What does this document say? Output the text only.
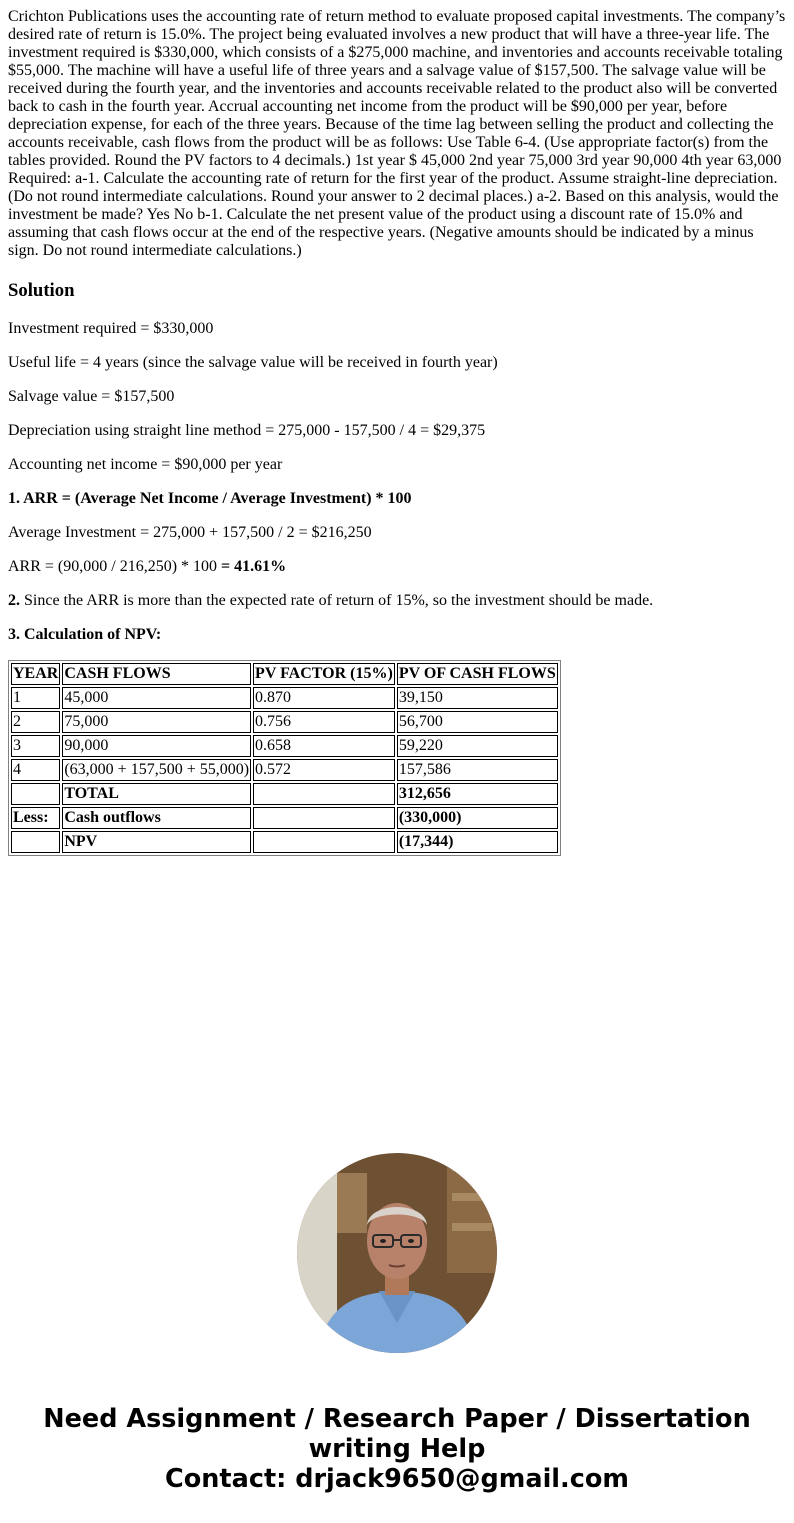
Crichton Publications uses the accounting rate of return method to evaluate proposed capital investments. The company’s desired rate of return is 15.0%. The project being evaluated involves a new product that will have a three-year life. The investment required is $330,000, which consists of a $275,000 machine, and inventories and accounts receivable totaling $55,000. The machine will have a useful life of three years and a salvage value of $157,500. The salvage value will be received during the fourth year, and the inventories and accounts receivable related to the product also will be converted back to cash in the fourth year. Accrual accounting net income from the product will be $90,000 per year, before depreciation expense, for each of the three years. Because of the time lag between selling the product and collecting the accounts receivable, cash flows from the product will be as follows: Use Table 6-4. (Use appropriate factor(s) from the tables provided. Round the PV factors to 4 decimals.) 1st year $ 45,000 2nd year 75,000 3rd year 90,000 4th year 63,000 Required: a-1. Calculate the accounting rate of return for the first year of the product. Assume straight-line depreciation. (Do not round intermediate calculations. Round your answer to 2 decimal places.) a-2. Based on this analysis, would the investment be made? Yes No b-1. Calculate the net present value of the product using a discount rate of 15.0% and assuming that cash flows occur at the end of the respective years. (Negative amounts should be indicated by a minus sign. Do not round intermediate calculations.)
Solution

Investment required = $330,000

Useful life = 4 years (since the salvage value will be received in fourth year)

Salvage value = $157,500

Depreciation using straight line method = 275,000 - 157,500 / 4 = $29,375

Accounting net income = $90,000 per year

1. ARR = (Average Net Income / Average Investment) * 100

Average Investment = 275,000 + 157,500 / 2 = $216,250

ARR = (90,000 / 216,250) * 100 = 41.61%

2. Since the ARR is more than the expected rate of return of 15%, so the investment should be made.

3. Calculation of NPV:

YEAR	CASH FLOWS	PV FACTOR (15%)	PV OF CASH FLOWS
1	45,000	0.870	39,150
2	75,000	0.756	56,700
3	90,000	0.658	59,220
4	(63,000 + 157,500 + 55,000)	0.572	157,586
	TOTAL		312,656
Less:	Cash outflows		(330,000)
	NPV		(17,344)
Need Assignment / Research Paper / Dissertation
writing Help
Contact: drjack9650@gmail.com
